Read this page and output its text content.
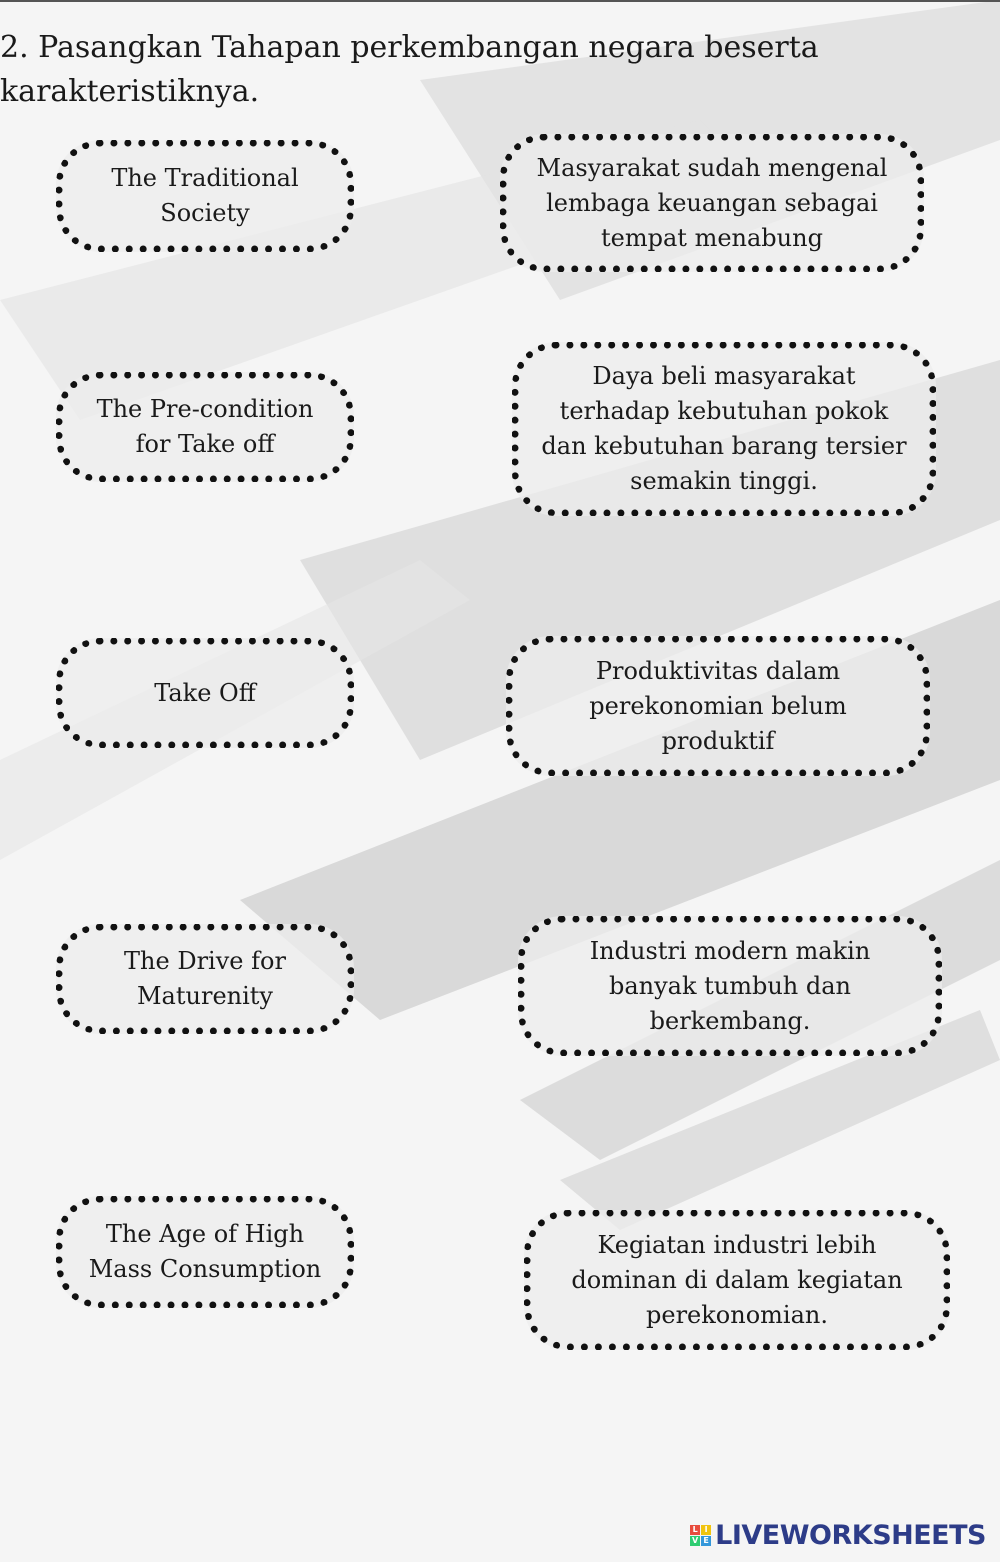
2. Pasangkan Tahapan perkembangan negara beserta karakteristiknya.
The Traditional
Society
The Pre-condition
for Take off
Take Off
The Drive for
Maturenity
The Age of High
Mass Consumption
Masyarakat sudah mengenal
lembaga keuangan sebagai
tempat menabung
Daya beli masyarakat
terhadap kebutuhan pokok
dan kebutuhan barang tersier
semakin tinggi.
Produktivitas dalam
perekonomian belum
produktif
Industri modern makin
banyak tumbuh dan
berkembang.
Kegiatan industri lebih
dominan di dalam kegiatan
perekonomian.
L I
V E LIVEWORKSHEETS
